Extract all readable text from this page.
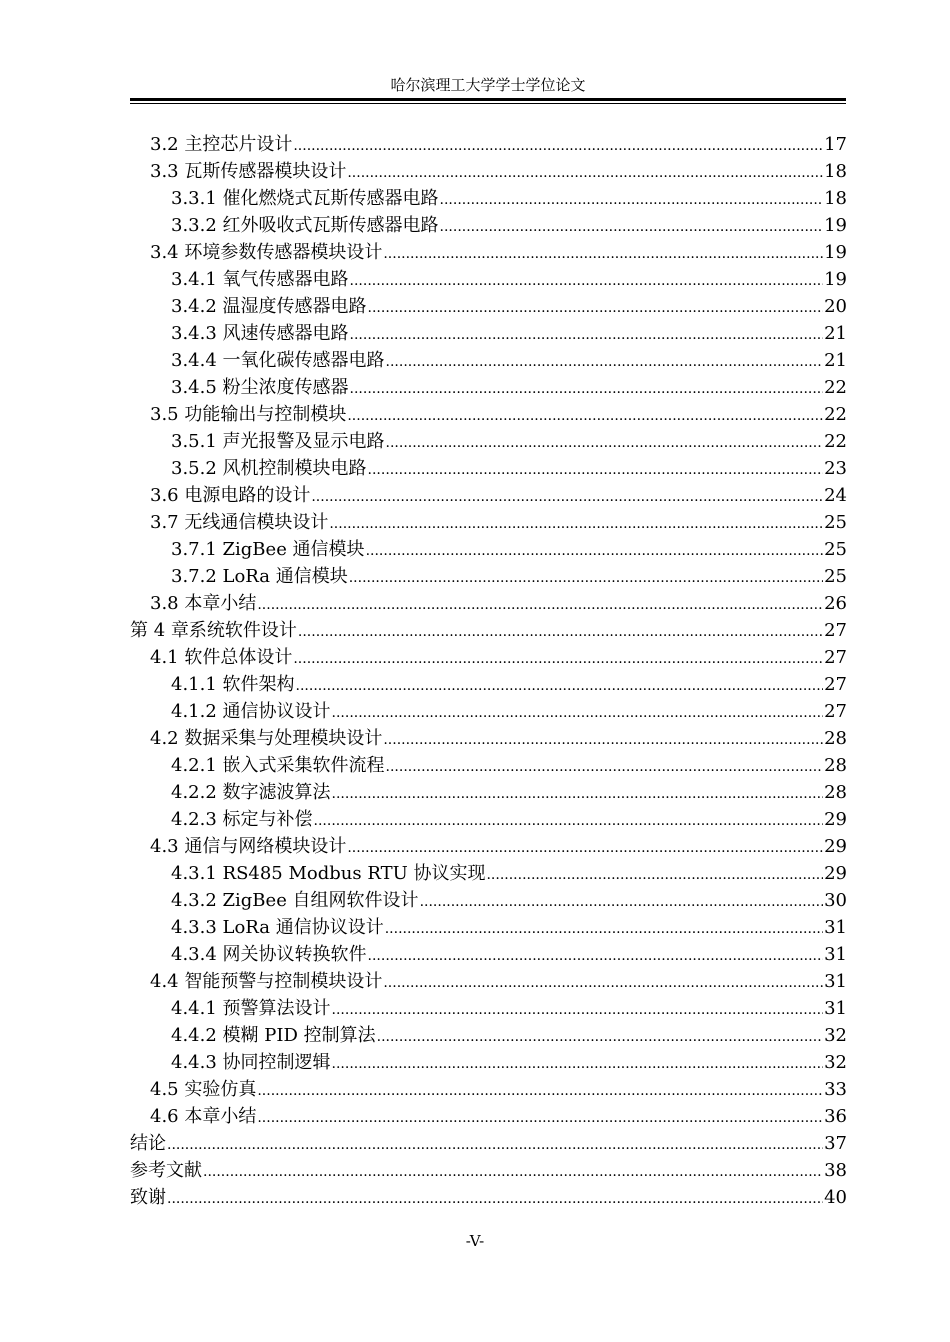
哈尔滨理工大学学士学位论文
3.2 主控芯片设计 .....	17
3.3 瓦斯传感器模块设计 .....	18
3.3.1 催化燃烧式瓦斯传感器电路 .....	18
3.3.2 红外吸收式瓦斯传感器电路 .....	19
3.4 环境参数传感器模块设计 .....	19
3.4.1 氧气传感器电路 .....	19
3.4.2 温湿度传感器电路 .....	20
3.4.3 风速传感器电路 .....	21
3.4.4 一氧化碳传感器电路 .....	21
3.4.5 粉尘浓度传感器 .....	22
3.5 功能输出与控制模块 .....	22
3.5.1 声光报警及显示电路 .....	22
3.5.2 风机控制模块电路 .....	23
3.6 电源电路的设计 .....	24
3.7 无线通信模块设计 .....	25
3.7.1 ZigBee 通信模块 .....	25
3.7.2 LoRa 通信模块 .....	25
3.8 本章小结 .....	26
第 4 章系统软件设计 .....	27
4.1 软件总体设计 .....	27
4.1.1 软件架构 .....	27
4.1.2 通信协议设计 .....	27
4.2 数据采集与处理模块设计 .....	28
4.2.1 嵌入式采集软件流程 .....	28
4.2.2 数字滤波算法 .....	28
4.2.3 标定与补偿 .....	29
4.3 通信与网络模块设计 .....	29
4.3.1 RS485 Modbus RTU 协议实现 .....	29
4.3.2 ZigBee 自组网软件设计 .....	30
4.3.3 LoRa 通信协议设计 .....	31
4.3.4 网关协议转换软件 .....	31
4.4 智能预警与控制模块设计 .....	31
4.4.1 预警算法设计 .....	31
4.4.2 模糊 PID 控制算法 .....	32
4.4.3 协同控制逻辑 .....	32
4.5 实验仿真 .....	33
4.6 本章小结 .....	36
结论 .....	37
参考文献 .....	38
致谢 .....	40
-V-
